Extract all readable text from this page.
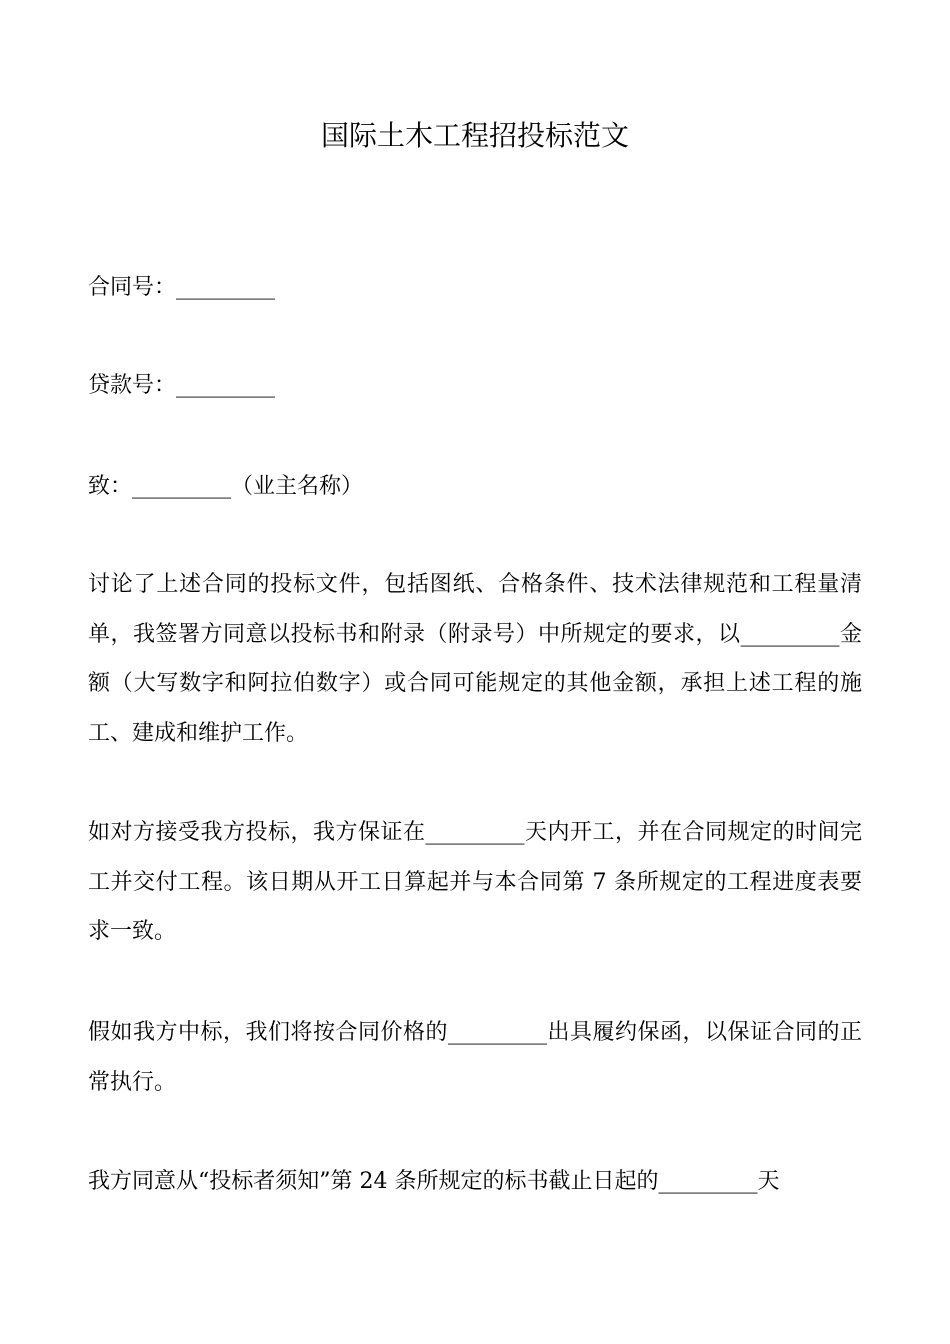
国际土木工程招投标范文
合同号：_________
贷款号：_________
致：_________（业主名称）
讨论了上述合同的投标文件，包括图纸、合格条件、技术法律规范和工程量清单，我签署方同意以投标书和附录（附录号）中所规定的要求，以_________金额（大写数字和阿拉伯数字）或合同可能规定的其他金额，承担上述工程的施工、建成和维护工作。
如对方接受我方投标，我方保证在_________天内开工，并在合同规定的时间完工并交付工程。该日期从开工日算起并与本合同第 7 条所规定的工程进度表要求一致。
假如我方中标，我们将按合同价格的_________出具履约保函，以保证合同的正常执行。
我方同意从“投标者须知”第 24 条所规定的标书截止日起的_________天
